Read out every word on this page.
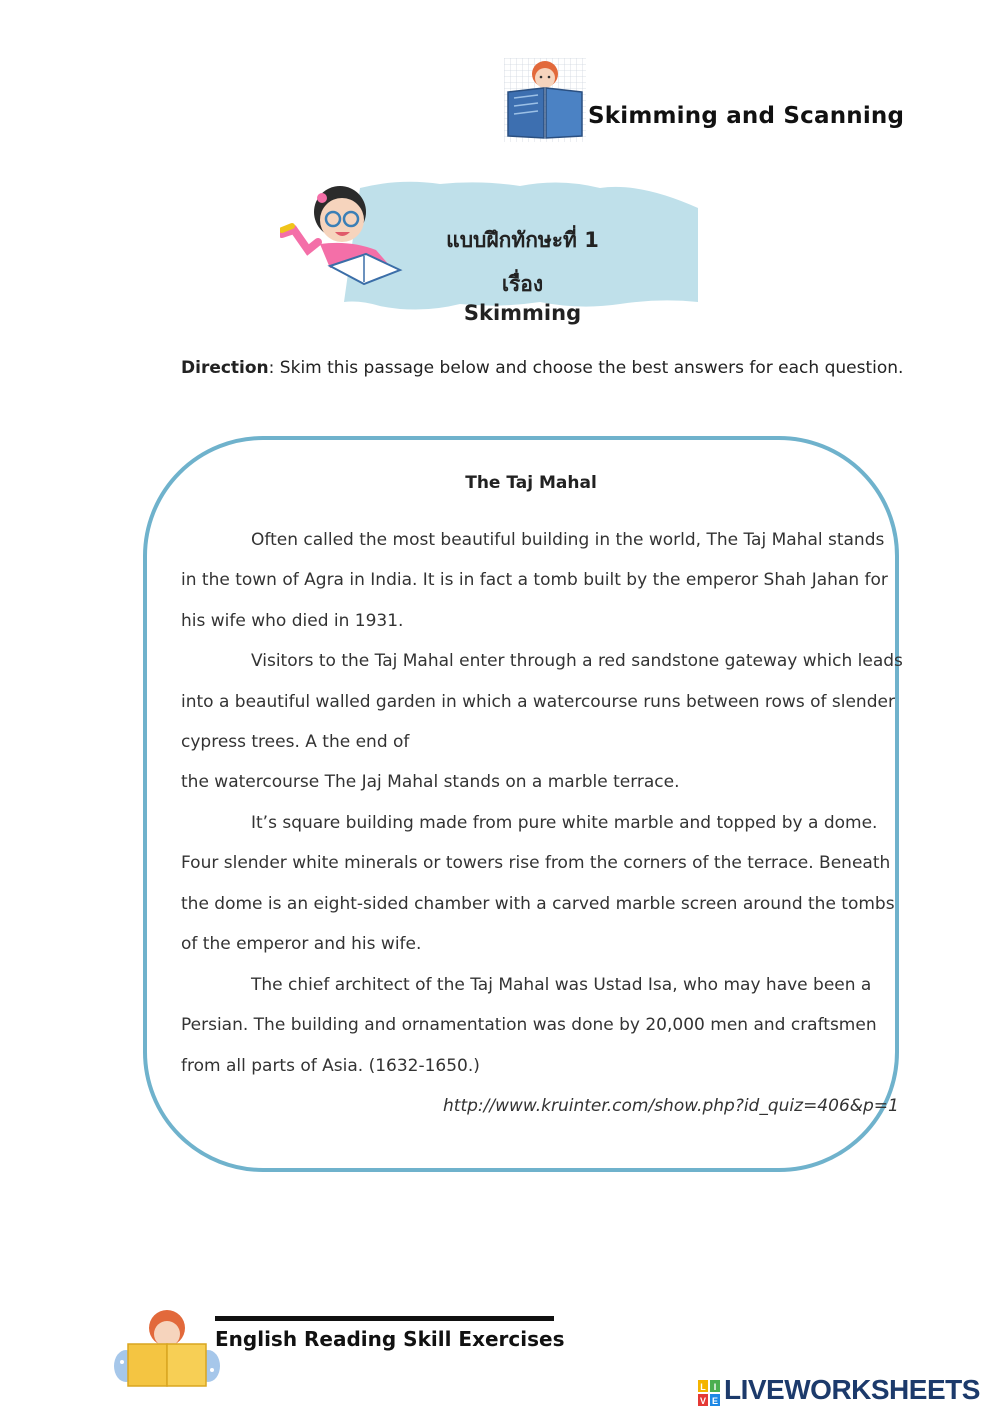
Skimming and Scanning
แบบฝึกทักษะที่ 1
เรื่อง Skimming
Direction: Skim this passage below and choose the best answers for each question.
The Taj Mahal
Often called the most beautiful building in the world, The Taj Mahal stands
in the town of Agra in India. It is in fact a tomb built by the emperor Shah Jahan for
his wife who died in 1931.
Visitors to the Taj Mahal enter through a red sandstone gateway which leads
into a beautiful walled garden in which a watercourse runs between rows of slender
cypress trees. A the end of
the watercourse The Jaj Mahal stands on a marble terrace.
It’s square building made from pure white marble and topped by a dome.
Four slender white minerals or towers rise from the corners of the terrace. Beneath
the dome is an eight-sided chamber with a carved marble screen around the tombs
of the emperor and his wife.
The chief architect of the Taj Mahal was Ustad Isa, who may have been a
Persian. The building and ornamentation was done by 20,000 men and craftsmen
from all parts of Asia. (1632-1650.)
http://www.kruinter.com/show.php?id_quiz=406&p=1
English Reading Skill Exercises
L I
V E LIVEWORKSHEETS
